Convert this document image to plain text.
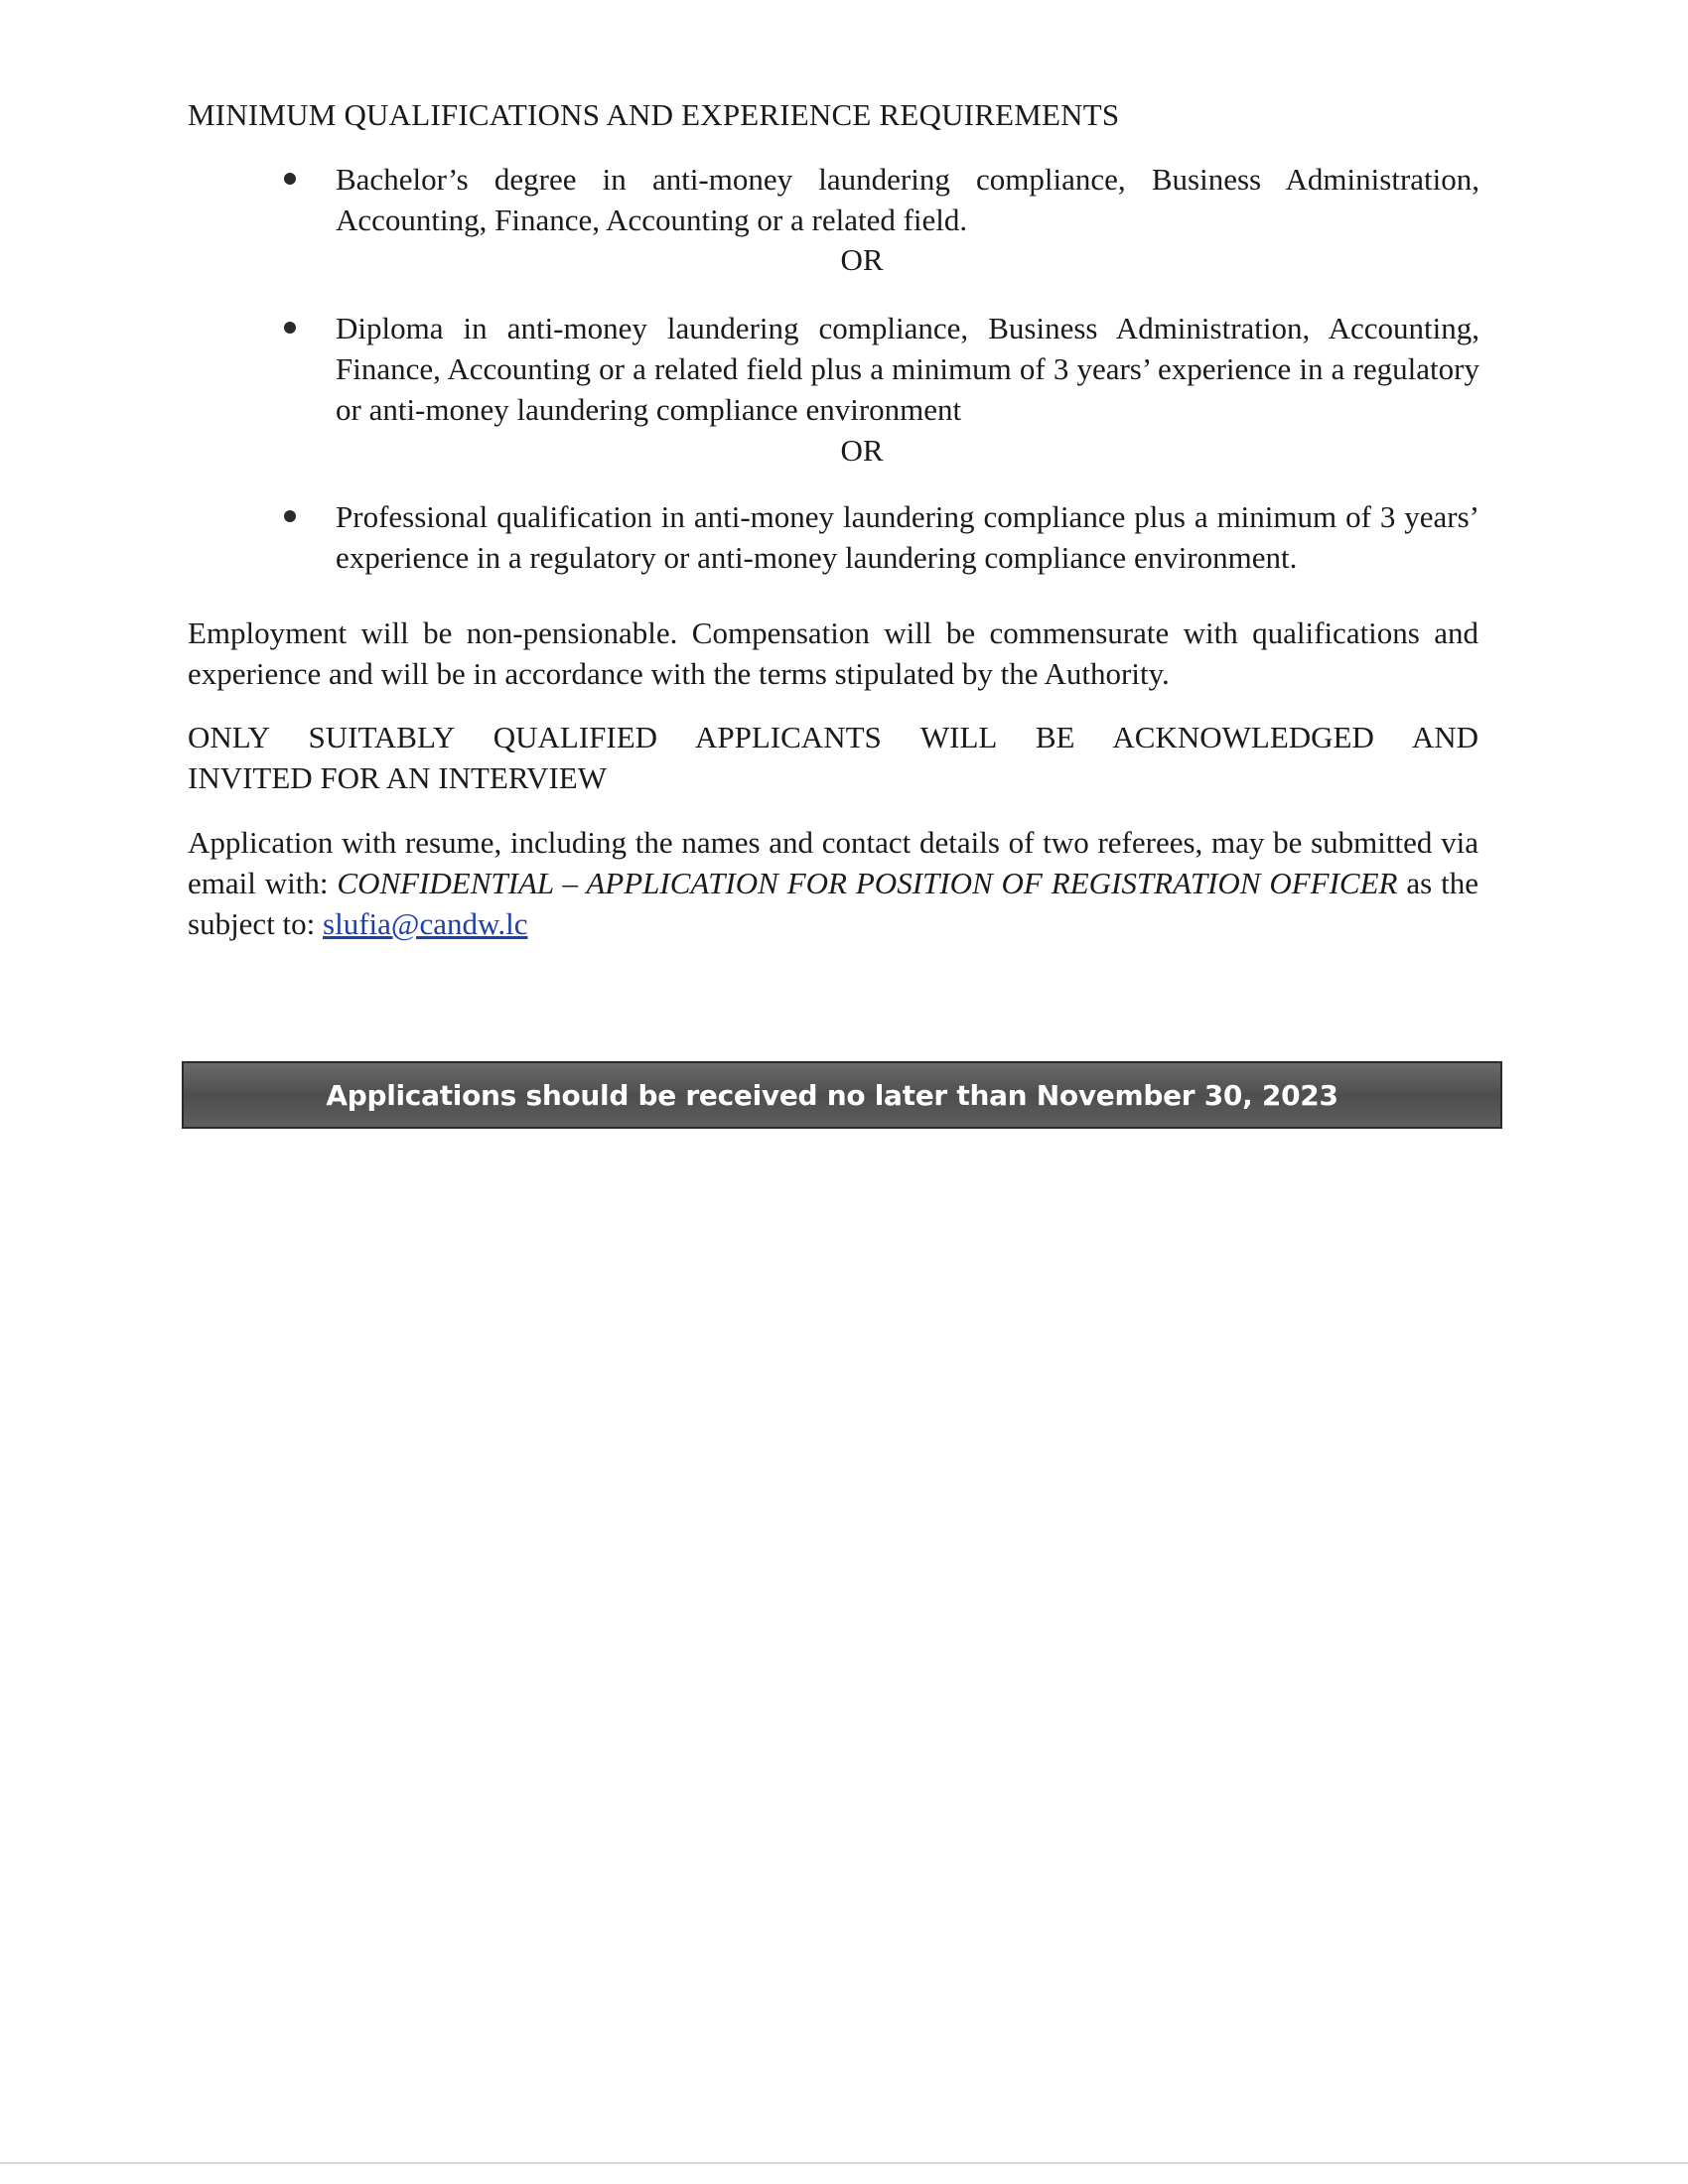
MINIMUM QUALIFICATIONS AND EXPERIENCE REQUIREMENTS
Bachelor’s degree in anti-money laundering compliance, Business Administration, Accounting, Finance, Accounting or a related field.
OR
Diploma in anti-money laundering compliance, Business Administration, Accounting, Finance, Accounting or a related field plus a minimum of 3 years’ experience in a regulatory or anti-money laundering compliance environment
OR
Professional qualification in anti-money laundering compliance plus a minimum of 3 years’ experience in a regulatory or anti-money laundering compliance environment.
Employment will be non-pensionable. Compensation will be commensurate with qualifications and experience and will be in accordance with the terms stipulated by the Authority.
ONLY SUITABLY QUALIFIED APPLICANTS WILL BE ACKNOWLEDGED AND
INVITED FOR AN INTERVIEW
Application with resume, including the names and contact details of two referees, may be submitted via email with: CONFIDENTIAL – APPLICATION FOR POSITION OF REGISTRATION OFFICER as the subject to: slufia@candw.lc
Applications should be received no later than November 30, 2023
